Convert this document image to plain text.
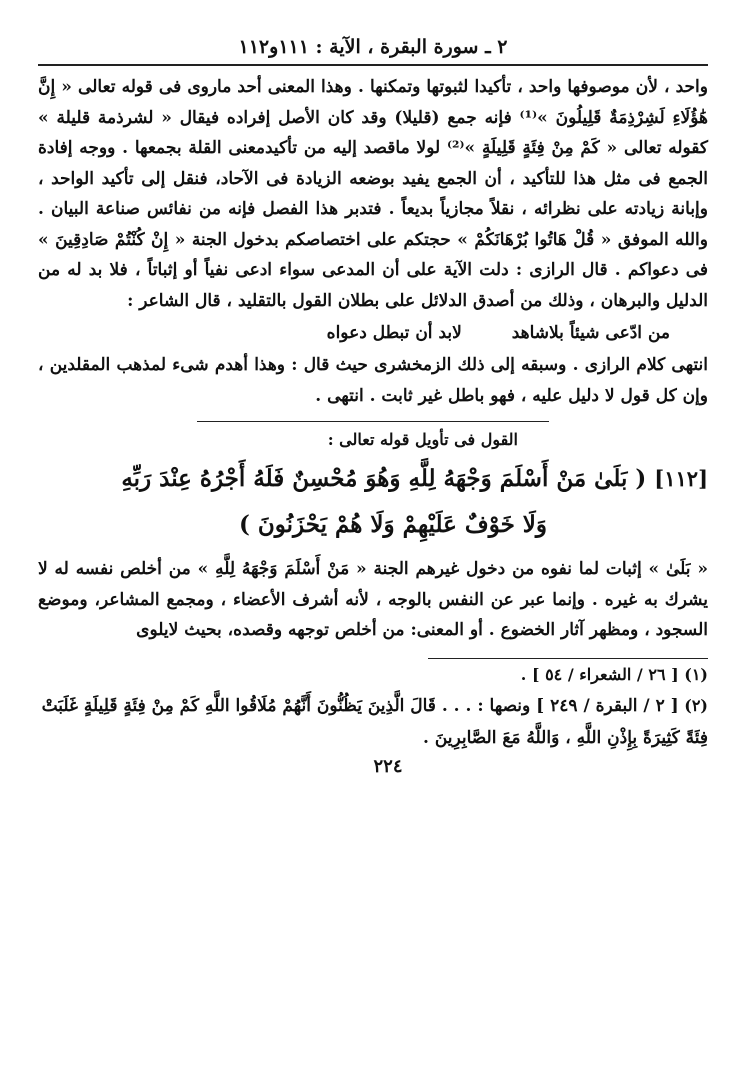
٢ ـ سورة البقرة ، الآية : ١١١و١١٢

واحد ، لأن موصوفها واحد ، تأكيدا لثبوتها وتمكنها . وهذا المعنى أحد ماروى فى قوله تعالى « إِنَّ هَٰؤُلَاءِ لَشِرْذِمَةٌ قَلِيلُونَ »⁽¹⁾ فإنه جمع (قليلا) وقد كان الأصل إفراده فيقال « لشرذمة قليلة » كقوله تعالى « كَمْ مِنْ فِئَةٍ قَلِيلَةٍ »⁽²⁾ لولا ماقصد إليه من تأكيدمعنى القلة بجمعها . ووجه إفادة الجمع فى مثل هذا للتأكيد ، أن الجمع يفيد بوضعه الزيادة فى الآحاد، فنقل إلى تأكيد الواحد ، وإبانة زيادته على نظرائه ، نقلاً مجازياً بديعاً . فتدبر هذا الفصل فإنه من نفائس صناعة البيان . والله الموفق « قُلْ هَاتُوا بُرْهَانَكُمْ » حجتكم على اختصاصكم بدخول الجنة « إِنْ كُنْتُمْ صَادِقِينَ » فى دعواكم . قال الرازى : دلت الآية على أن المدعى سواء ادعى نفياً أو إثباتاً ، فلا بد له من الدليل والبرهان ، وذلك من أصدق الدلائل على بطلان القول بالتقليد ، قال الشاعر :

من ادّعى شيئاً بلاشاهد لابد أن تبطل دعواه

انتهى كلام الرازى . وسبقه إلى ذلك الزمخشرى حيث قال : وهذا أهدم شىء لمذهب المقلدين ، وإن كل قول لا دليل عليه ، فهو باطل غير ثابت . انتهى .

القول فى تأويل قوله تعالى :

[١١٢] ( بَلَىٰ مَنْ أَسْلَمَ وَجْهَهُ لِلَّهِ وَهُوَ مُحْسِنٌ فَلَهُ أَجْرُهُ عِنْدَ رَبِّهِ

وَلَا خَوْفٌ عَلَيْهِمْ وَلَا هُمْ يَحْزَنُونَ )

« بَلَىٰ » إثبات لما نفوه من دخول غيرهم الجنة « مَنْ أَسْلَمَ وَجْهَهُ لِلَّهِ » من أخلص نفسه له لا يشرك به غيره . وإنما عبر عن النفس بالوجه ، لأنه أشرف الأعضاء ، ومجمع المشاعر، وموضع السجود ، ومظهر آثار الخضوع . أو المعنى: من أخلص توجهه وقصده، بحيث لايلوى

(١) [ ٢٦ / الشعراء / ٥٤ ] .

(٢) [ ٢ / البقرة / ٢٤٩ ] ونصها : . . . قَالَ الَّذِينَ يَظُنُّونَ أَنَّهُمْ مُلَاقُوا اللَّهِ كَمْ مِنْ فِئَةٍ قَلِيلَةٍ غَلَبَتْ فِئَةً كَثِيرَةً بِإِذْنِ اللَّهِ ، وَاللَّهُ مَعَ الصَّابِرِينَ .

٢٢٤
